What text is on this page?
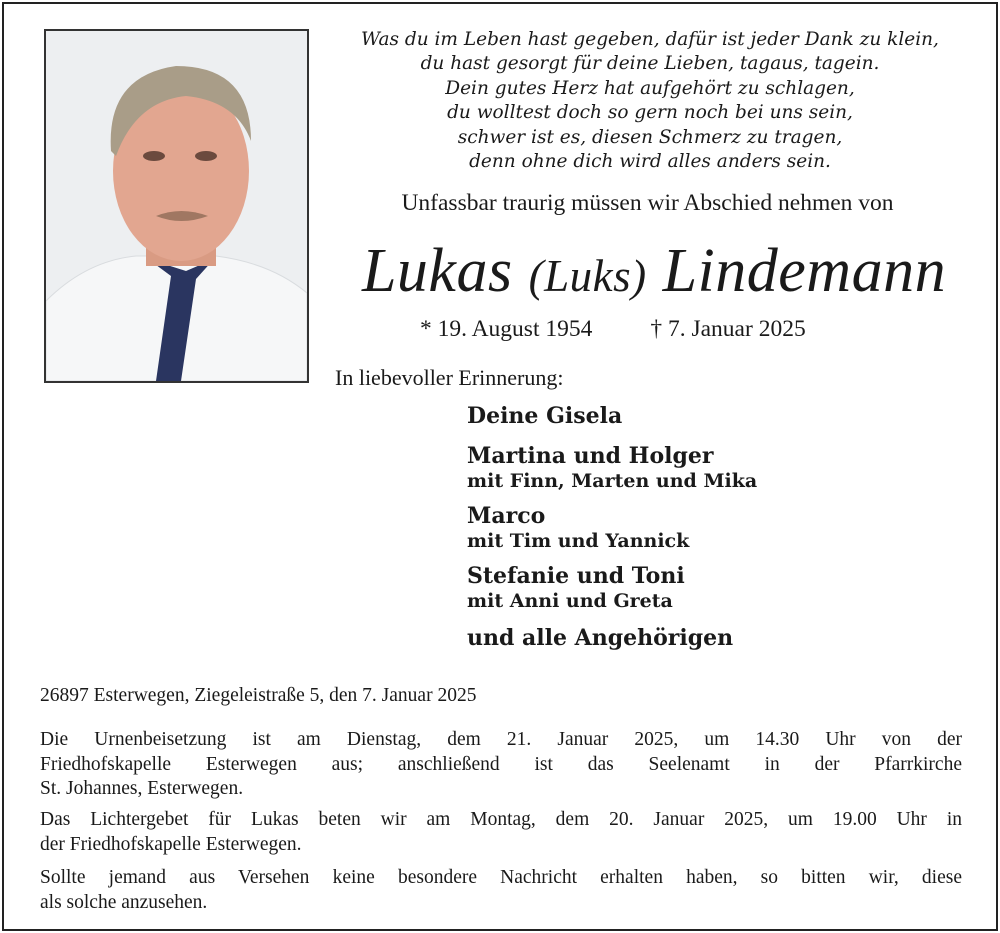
Was du im Leben hast gegeben, dafür ist jeder Dank zu klein,
du hast gesorgt für deine Lieben, tagaus, tagein.
Dein gutes Herz hat aufgehört zu schlagen,
du wolltest doch so gern noch bei uns sein,
schwer ist es, diesen Schmerz zu tragen,
denn ohne dich wird alles anders sein.
Unfassbar traurig müssen wir Abschied nehmen von
Lukas (Luks) Lindemann
* 19. August 1954 † 7. Januar 2025
In liebevoller Erinnerung:
Deine Gisela
Martina und Holger
mit Finn, Marten und Mika
Marco
mit Tim und Yannick
Stefanie und Toni
mit Anni und Greta
und alle Angehörigen
26897 Esterwegen, Ziegeleistraße 5, den 7. Januar 2025
Die Urnenbeisetzung ist am Dienstag, dem 21. Januar 2025, um 14.30 Uhr von der
Friedhofskapelle Esterwegen aus; anschließend ist das Seelenamt in der Pfarrkirche
St. Johannes, Esterwegen.
Das Lichtergebet für Lukas beten wir am Montag, dem 20. Januar 2025, um 19.00 Uhr in
der Friedhofskapelle Esterwegen.
Sollte jemand aus Versehen keine besondere Nachricht erhalten haben, so bitten wir, diese
als solche anzusehen.
